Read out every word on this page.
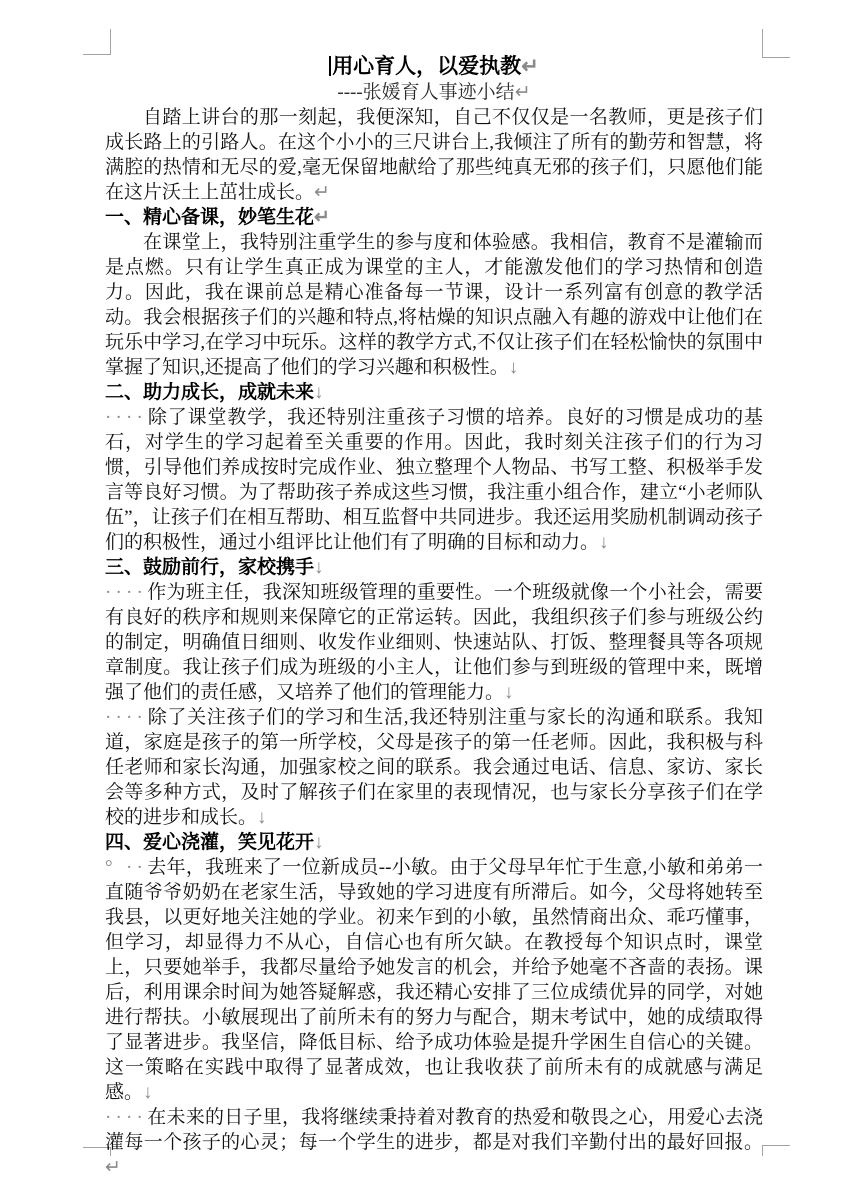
用心育人，以爱执教↵
----张媛育人事迹小结↵

自踏上讲台的那一刻起，我便深知，自己不仅仅是一名教师，更是孩子们成长路上的引路人。在这个小小的三尺讲台上,我倾注了所有的勤劳和智慧，将满腔的热情和无尽的爱,毫无保留地献给了那些纯真无邪的孩子们，只愿他们能在这片沃土上茁壮成长。↵

一、精心备课，妙笔生花↵

在课堂上，我特别注重学生的参与度和体验感。我相信，教育不是灌输而是点燃。只有让学生真正成为课堂的主人，才能激发他们的学习热情和创造力。因此，我在课前总是精心准备每一节课，设计一系列富有创意的教学活动。我会根据孩子们的兴趣和特点,将枯燥的知识点融入有趣的游戏中让他们在玩乐中学习,在学习中玩乐。这样的教学方式,不仅让孩子们在轻松愉快的氛围中掌握了知识,还提高了他们的学习兴趣和积极性。↓

二、助力成长，成就未来↓

····除了课堂教学，我还特别注重孩子习惯的培养。良好的习惯是成功的基石，对学生的学习起着至关重要的作用。因此，我时刻关注孩子们的行为习惯，引导他们养成按时完成作业、独立整理个人物品、书写工整、积极举手发言等良好习惯。为了帮助孩子养成这些习惯，我注重小组合作，建立“小老师队伍”，让孩子们在相互帮助、相互监督中共同进步。我还运用奖励机制调动孩子们的积极性，通过小组评比让他们有了明确的目标和动力。↓

三、鼓励前行，家校携手↓

····作为班主任，我深知班级管理的重要性。一个班级就像一个小社会，需要有良好的秩序和规则来保障它的正常运转。因此，我组织孩子们参与班级公约的制定，明确值日细则、收发作业细则、快速站队、打饭、整理餐具等各项规章制度。我让孩子们成为班级的小主人，让他们参与到班级的管理中来，既增强了他们的责任感，又培养了他们的管理能力。↓

····除了关注孩子们的学习和生活,我还特别注重与家长的沟通和联系。我知道，家庭是孩子的第一所学校，父母是孩子的第一任老师。因此，我积极与科任老师和家长沟通，加强家校之间的联系。我会通过电话、信息、家访、家长会等多种方式，及时了解孩子们在家里的表现情况，也与家长分享孩子们在学校的进步和成长。↓

四、爱心浇灌，笑见花开↓

° ··去年，我班来了一位新成员--小敏。由于父母早年忙于生意,小敏和弟弟一直随爷爷奶奶在老家生活，导致她的学习进度有所滞后。如今，父母将她转至我县，以更好地关注她的学业。初来乍到的小敏，虽然情商出众、乖巧懂事，但学习，却显得力不从心，自信心也有所欠缺。在教授每个知识点时，课堂上，只要她举手，我都尽量给予她发言的机会，并给予她毫不吝啬的表扬。课后，利用课余时间为她答疑解惑，我还精心安排了三位成绩优异的同学，对她进行帮扶。小敏展现出了前所未有的努力与配合，期末考试中，她的成绩取得了显著进步。我坚信，降低目标、给予成功体验是提升学困生自信心的关键。这一策略在实践中取得了显著成效，也让我收获了前所未有的成就感与满足感。↓

····在未来的日子里，我将继续秉持着对教育的热爱和敬畏之心，用爱心去浇灌每一个孩子的心灵；每一个学生的进步，都是对我们辛勤付出的最好回报。↵
